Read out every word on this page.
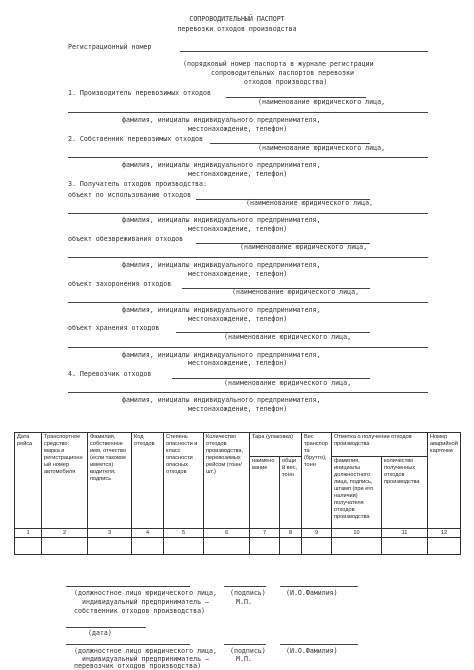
СОПРОВОДИТЕЛЬНЫЙ ПАСПОРТ
перевозки отходов производства
Регистрационный номер
(порядковый номер паспорта в журнале регистрации
сопроводительных паспортов перевозки
отходов производства)
1. Производитель перевозимых отходов
(наименование юридического лица,
фамилия, инициалы индивидуального предпринимателя,
местонахождение, телефон)
2. Собственник перевозимых отходов
(наименование юридического лица,
фамилия, инициалы индивидуального предпринимателя,
местонахождение, телефон)
3. Получатель отходов производства:
объект по использованию отходов
(наименование юридического лица,
фамилия, инициалы индивидуального предпринимателя,
местонахождение, телефон)
объект обезвреживания отходов
(наименование юридического лица,
фамилия, инициалы индивидуального предпринимателя,
местонахождение, телефон)
объект захоронения отходов
(наименование юридического лица,
фамилия, инициалы индивидуального предпринимателя,
местонахождение, телефон)
объект хранения отходов
(наименование юридического лица,
фамилия, инициалы индивидуального предпринимателя,
местонахождение, телефон)
4. Перевозчик отходов
(наименование юридического лица,
фамилия, инициалы индивидуального предпринимателя,
местонахождение, телефон)
Дата рейса	Транспортное средство: марка и регистрационный номер автомобиля	Фамилия, собственное имя, отчество (если таковое имеется) водителя, подпись	Код отходов	Степень опасности и класс опасности опасных отходов	Количество отходов производства, перевозимых рейсом (тонн/шт.)	Тара (упаковка)		Вес транспорта (брутто), тонн	Отметка о получении отходов производства		Номер аварийной карточки
						наименование	общий вес, тонн		фамилия, инициалы должностного лица, подпись, штамп (при его наличии) получателя отходов производства	количество полученных отходов производства	
1	2	3	4	5	6	7	8	9	10	11	12

(должностное лицо юридического лица, (подпись)	(И.О.Фамилия)
индивидуальный предприниматель –	М.П.
собственник отходов производства)
(дата)
(должностное лицо юридического лица, (подпись)	(И.О.Фамилия)
индивидуальный предприниматель –	М.П.
перевозчик отходов производства)
